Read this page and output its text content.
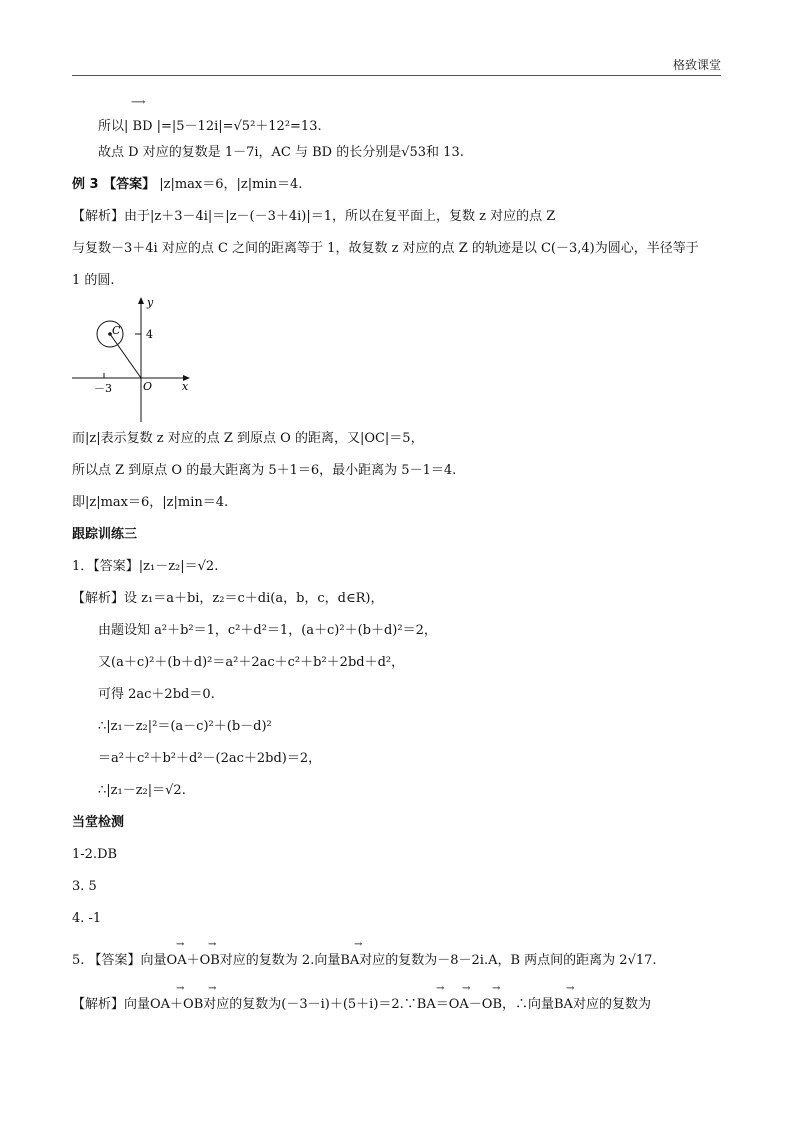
格致课堂
⟶
所以| BD |=|5－12i|=√5²＋12²=13.
故点 D 对应的复数是 1－7i，AC 与 BD 的长分别是√53和 13.
例 3 【答案】 |z|max＝6，|z|min＝4.
【解析】由于|z＋3－4i|＝|z－(－3＋4i)|＝1，所以在复平面上，复数 z 对应的点 Z
与复数－3＋4i 对应的点 C 之间的距离等于 1，故复数 z 对应的点 Z 的轨迹是以 C(－3,4)为圆心，半径等于
1 的圆.
y
x
4
－3	O
C
而|z|表示复数 z 对应的点 Z 到原点 O 的距离，又|OC|＝5，
所以点 Z 到原点 O 的最大距离为 5＋1＝6，最小距离为 5－1＝4.
即|z|max＝6，|z|min＝4.
跟踪训练三
1．【答案】|z₁－z₂|＝√2.
【解析】设 z₁＝a＋bi，z₂＝c＋di(a，b，c，d∈R)，
由题设知 a²＋b²＝1，c²＋d²＝1，(a＋c)²＋(b＋d)²＝2，
又(a＋c)²＋(b＋d)²＝a²＋2ac＋c²＋b²＋2bd＋d²，
可得 2ac＋2bd＝0.
∴|z₁－z₂|²＝(a－c)²＋(b－d)²
＝a²＋c²＋b²＋d²－(2ac＋2bd)＝2，
∴|z₁－z₂|＝√2.
当堂检测
1-2.DB
3. 5
4. -1
→ →	→
5. 【答案】向量OA＋OB对应的复数为 2.向量BA对应的复数为－8－2i.A，B 两点间的距离为 2√17.
→ →	→ → →	→
【解析】向量OA＋OB对应的复数为(－3－i)＋(5＋i)＝2.∵BA＝OA－OB，∴向量BA对应的复数为
